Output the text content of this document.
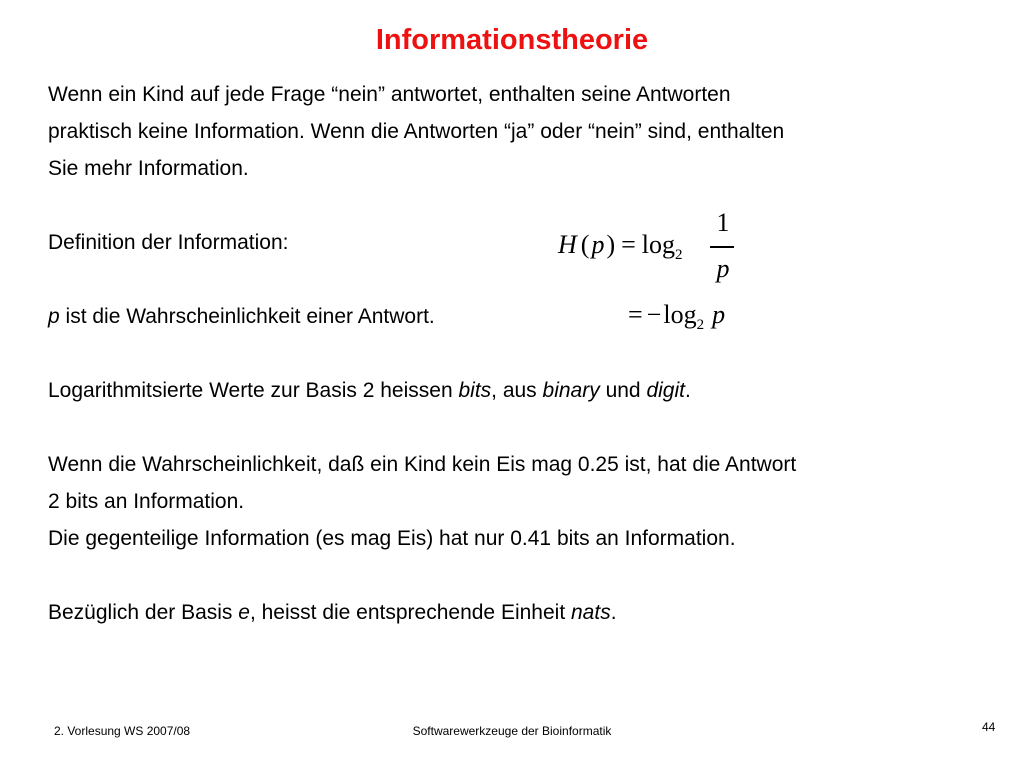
Informationstheorie
Wenn ein Kind auf jede Frage “nein” antwortet, enthalten seine Antworten
praktisch keine Information. Wenn die Antworten “ja” oder “nein” sind, enthalten
Sie mehr Information.
Definition der Information:
p ist die Wahrscheinlichkeit einer Antwort.
Logarithmitsierte Werte zur Basis 2 heissen bits, aus binary und digit.
Wenn die Wahrscheinlichkeit, daß ein Kind kein Eis mag 0.25 ist, hat die Antwort
2 bits an Information.
Die gegenteilige Information (es mag Eis) hat nur 0.41 bits an Information.
Bezüglich der Basis e, heisst die entsprechende Einheit nats.
H $(p) = \log_2$
1
p
= $-\log_2$ p
2. Vorlesung WS 2007/08	Softwarewerkzeuge der Bioinformatik	44
